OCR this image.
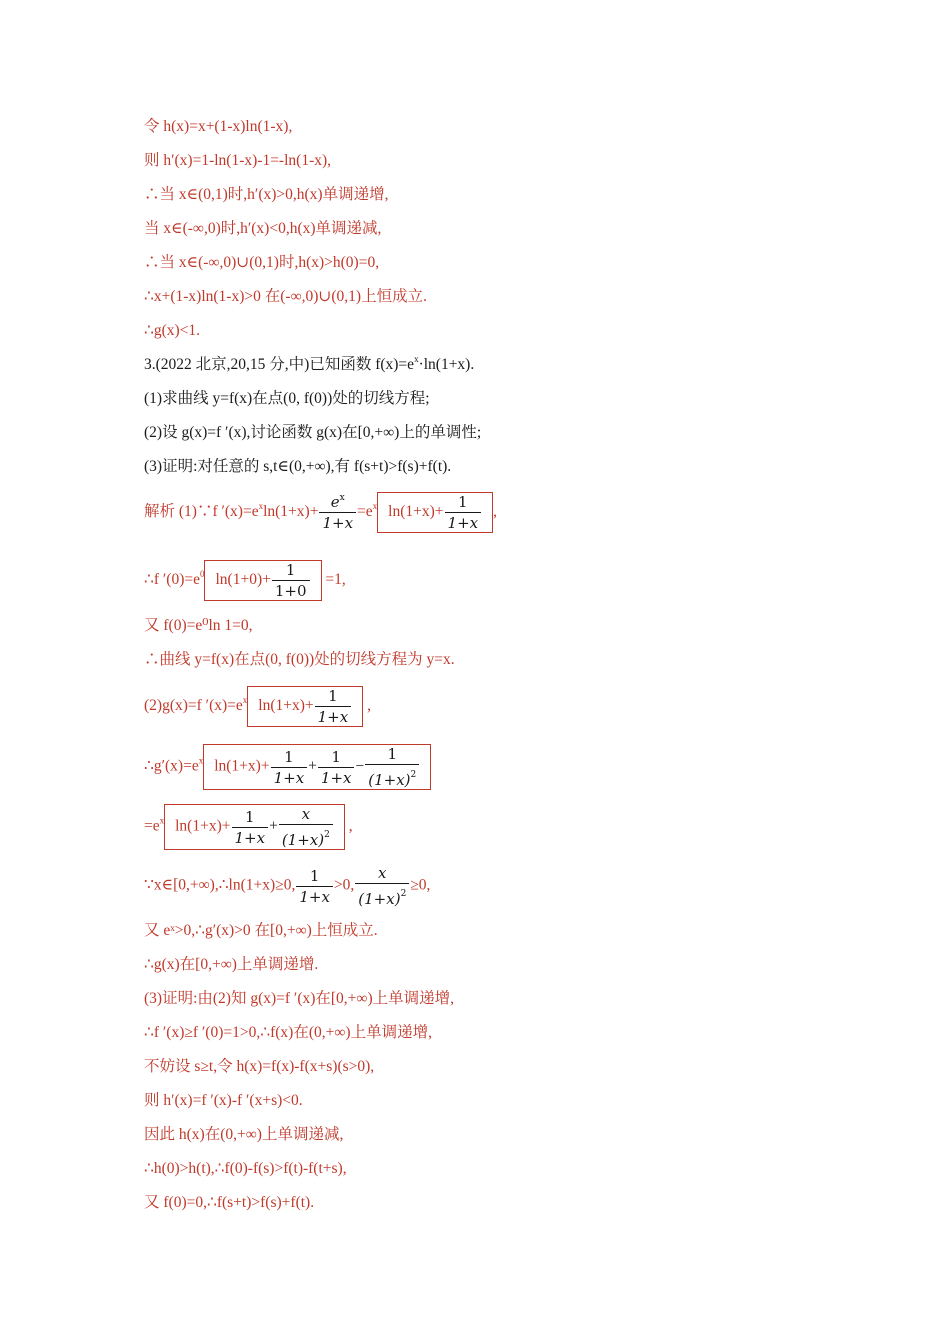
令 h(x)=x+(1-x)ln(1-x),
则 h′(x)=1-ln(1-x)-1=-ln(1-x),
∴当 x∈(0,1)时,h′(x)>0,h(x)单调递增,
当 x∈(-∞,0)时,h′(x)<0,h(x)单调递减,
∴当 x∈(-∞,0)∪(0,1)时,h(x)>h(0)=0,
∴x+(1-x)ln(1-x)>0 在(-∞,0)∪(0,1)上恒成立.
∴g(x)<1.
3.(2022 北京,20,15 分,中)已知函数 $f(x)=e^x\cdot\ln(1+x)$.
(1)求曲线 y=f(x)在点(0, f(0))处的切线方程;
(2)设 g(x)=f ′(x),讨论函数 g(x)在[0,+∞)上的单调性;
(3)证明:对任意的 s,t∈(0,+∞),有 f(s+t)>f(s)+f(t).
解析 (1)∵f $'(x)=e^x\ln(1+x)+ \frac{e^x}{1+x} =e^x$ $\ln(1+x)+ \frac{1}{1+x}$ ,
∴f $'(0)=e^0$ $\ln(1+0)+ \frac{1}{1+0} =1$,
又 f(0)=e⁰ln 1=0,
∴曲线 y=f(x)在点(0, f(0))处的切线方程为 y=x.
(2)g(x)=f $'(x)=e^x$ $\ln(1+x)+ \frac{1}{1+x}$ ,
$\therefore g'(x)=e^x$ $\ln(1+x)+ \frac{1}{1+x} + \frac{1}{1+x} - \frac{1}{(1+x)^2}$
$=e^x$ $\ln(1+x)+ \frac{1}{1+x} + \frac{x}{(1+x)^2}$ ,
∵x∈[0,+∞),∴ln(1+x)≥0, $\frac{1}{1+x} >0$, $\frac{x}{(1+x)^2} \ge 0$,
又 eˣ>0,∴g′(x)>0 在[0,+∞)上恒成立.
∴g(x)在[0,+∞)上单调递增.
(3)证明:由(2)知 g(x)=f ′(x)在[0,+∞)上单调递增,
∴f ′(x)≥f ′(0)=1>0,∴f(x)在(0,+∞)上单调递增,
不妨设 s≥t,令 h(x)=f(x)-f(x+s)(s>0),
则 h′(x)=f ′(x)-f ′(x+s)<0.
因此 h(x)在(0,+∞)上单调递减,
∴h(0)>h(t),∴f(0)-f(s)>f(t)-f(t+s),
又 f(0)=0,∴f(s+t)>f(s)+f(t).
